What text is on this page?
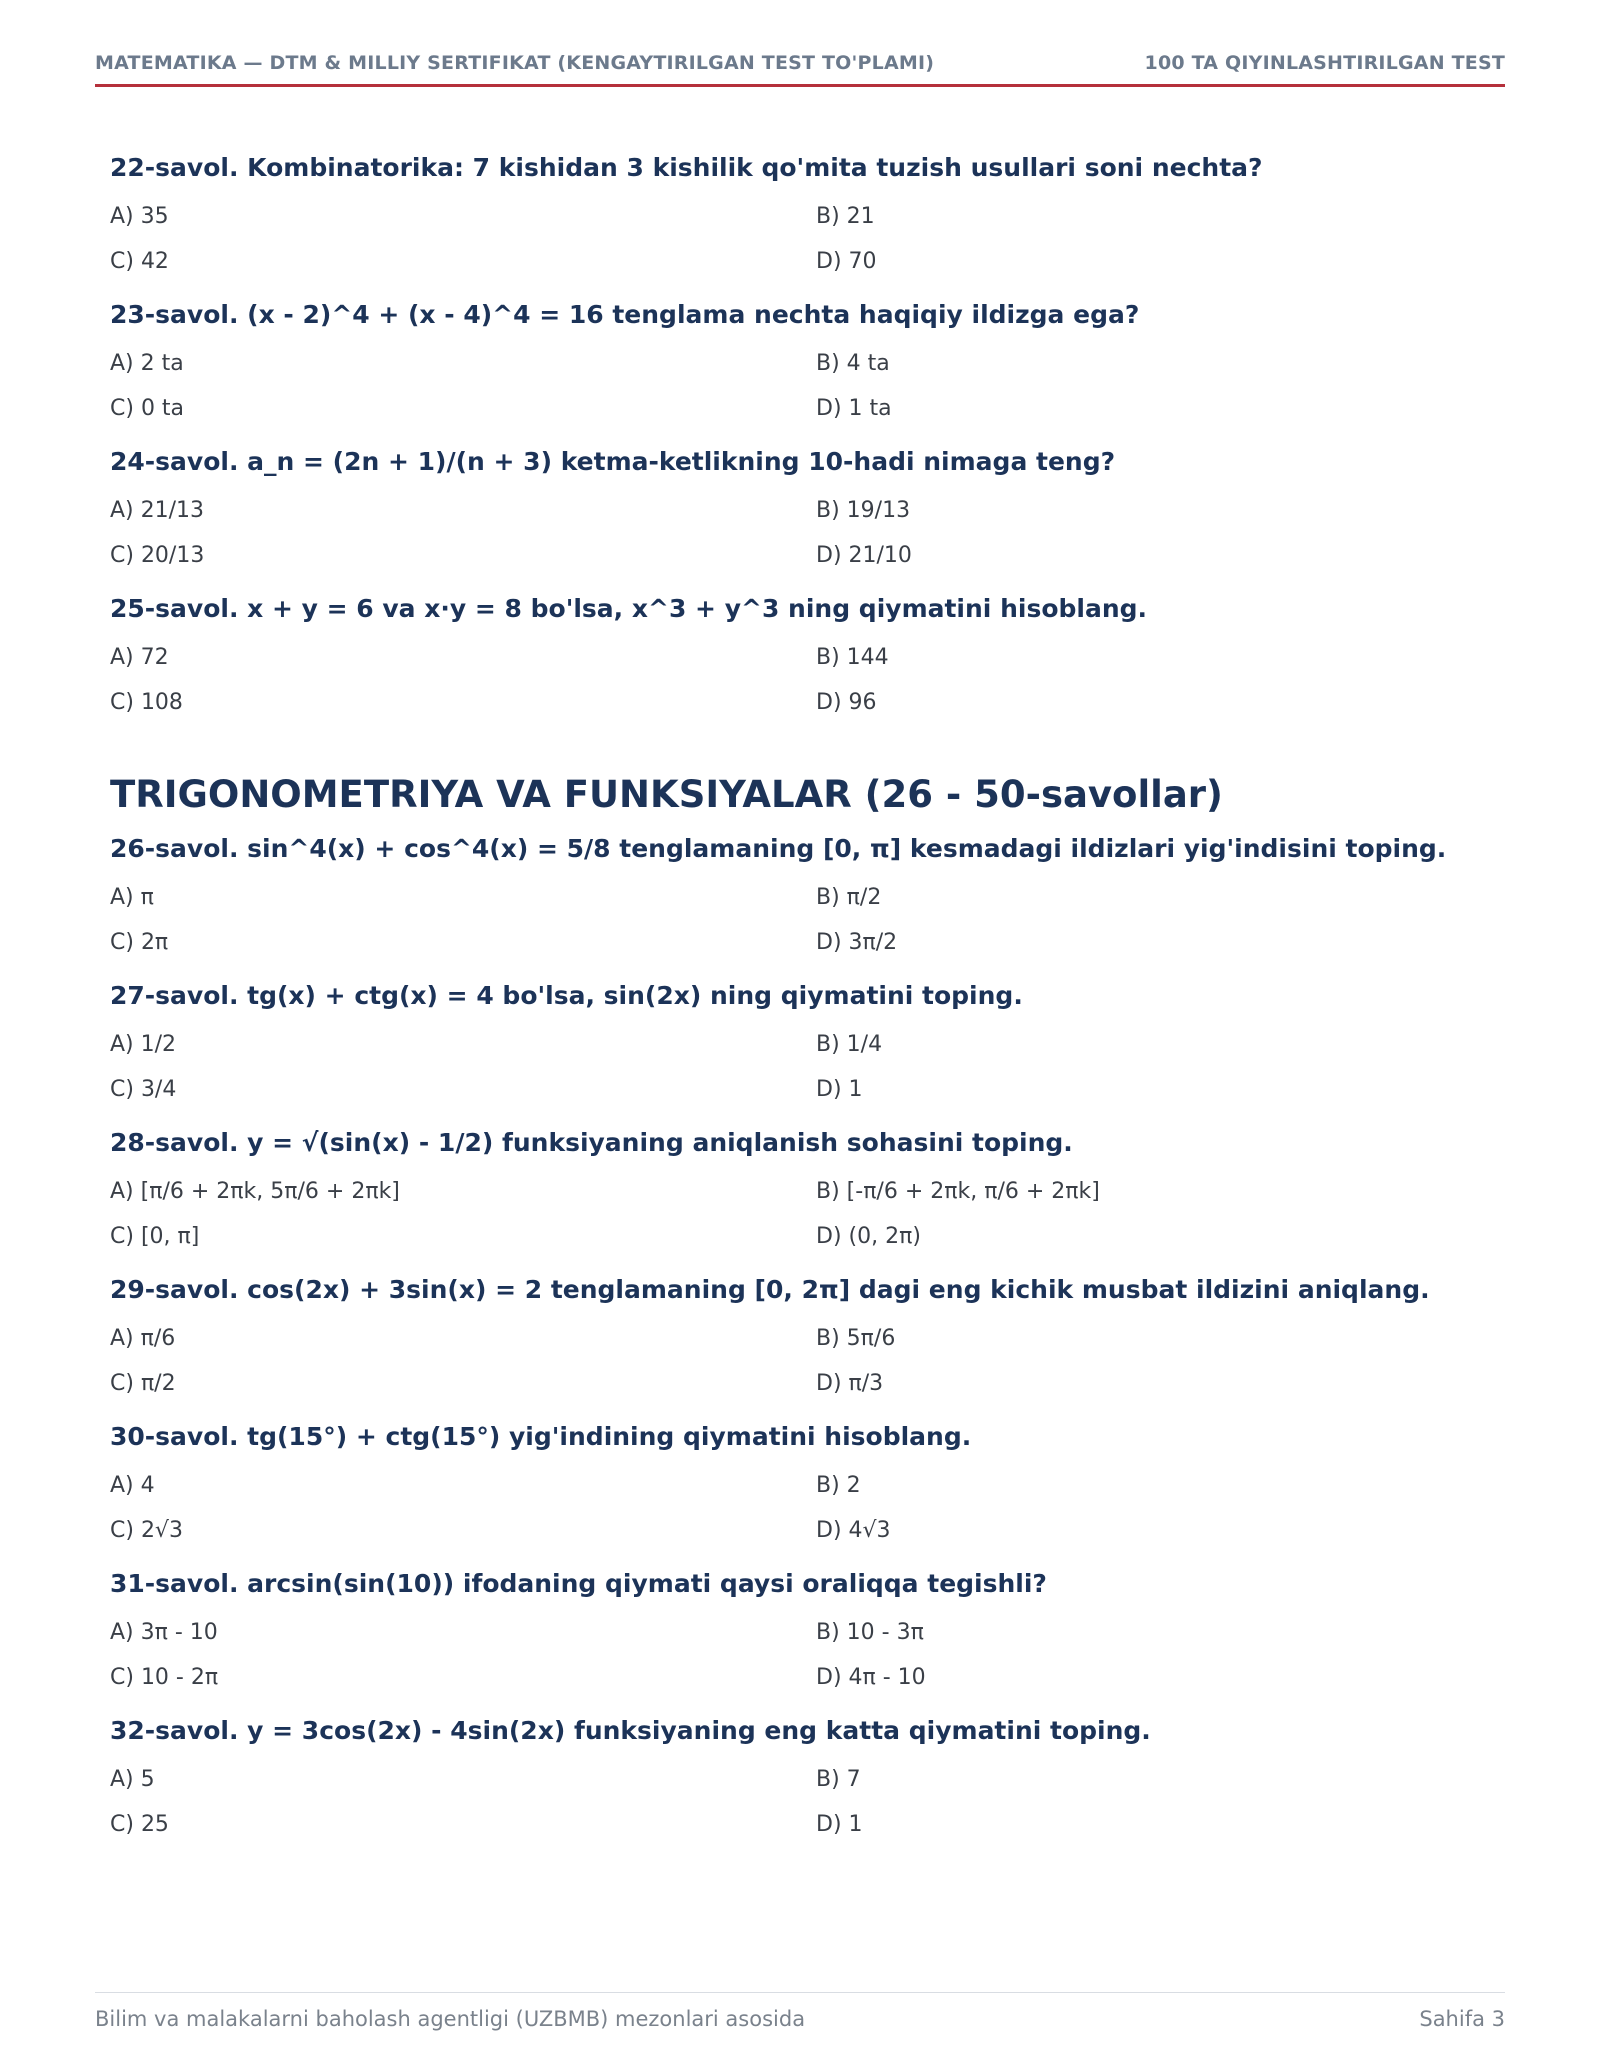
MATEMATIKA — DTM & MILLIY SERTIFIKAT (KENGAYTIRILGAN TEST TO'PLAMI)	100 TA QIYINLASHTIRILGAN TEST
22-savol. Kombinatorika: 7 kishidan 3 kishilik qo'mita tuzish usullari soni nechta?
A) 35	B) 21
C) 42	D) 70
23-savol. (x - 2)^4 + (x - 4)^4 = 16 tenglama nechta haqiqiy ildizga ega?
A) 2 ta	B) 4 ta
C) 0 ta	D) 1 ta
24-savol. a_n = (2n + 1)/(n + 3) ketma-ketlikning 10-hadi nimaga teng?
A) 21/13	B) 19/13
C) 20/13	D) 21/10
25-savol. x + y = 6 va x·y = 8 bo'lsa, x^3 + y^3 ning qiymatini hisoblang.
A) 72	B) 144
C) 108	D) 96
TRIGONOMETRIYA VA FUNKSIYALAR (26 - 50-savollar)
26-savol. sin^4(x) + cos^4(x) = 5/8 tenglamaning [0, π] kesmadagi ildizlari yig'indisini toping.
A) π	B) π/2
C) 2π	D) 3π/2
27-savol. tg(x) + ctg(x) = 4 bo'lsa, sin(2x) ning qiymatini toping.
A) 1/2	B) 1/4
C) 3/4	D) 1
28-savol. y = √(sin(x) - 1/2) funksiyaning aniqlanish sohasini toping.
A) [π/6 + 2πk, 5π/6 + 2πk]	B) [-π/6 + 2πk, π/6 + 2πk]
C) [0, π]	D) (0, 2π)
29-savol. cos(2x) + 3sin(x) = 2 tenglamaning [0, 2π] dagi eng kichik musbat ildizini aniqlang.
A) π/6	B) 5π/6
C) π/2	D) π/3
30-savol. tg(15°) + ctg(15°) yig'indining qiymatini hisoblang.
A) 4	B) 2
C) 2√3	D) 4√3
31-savol. arcsin(sin(10)) ifodaning qiymati qaysi oraliqqa tegishli?
A) 3π - 10	B) 10 - 3π
C) 10 - 2π	D) 4π - 10
32-savol. y = 3cos(2x) - 4sin(2x) funksiyaning eng katta qiymatini toping.
A) 5	B) 7
C) 25	D) 1
Bilim va malakalarni baholash agentligi (UZBMB) mezonlari asosida	Sahifa 3
